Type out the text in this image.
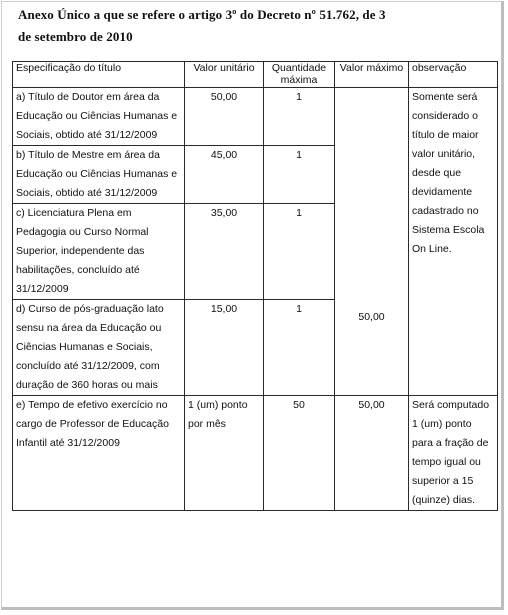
Anexo Único a que se refere o artigo 3º do Decreto nº 51.762, de 3
de setembro de 2010
Especificação do título	Valor unitário	Quantidade máxima	Valor máximo	observação
a) Título de Doutor em área da Educação ou Ciências Humanas e Sociais, obtido até 31/12/2009	50,00	1	50,00	Somente será considerado o título de maior valor unitário, desde que devidamente cadastrado no Sistema Escola On Line.
b) Título de Mestre em área da Educação ou Ciências Humanas e Sociais, obtido até 31/12/2009	45,00	1		
c) Licenciatura Plena em Pedagogia ou Curso Normal Superior, independente das habilitações, concluído até 31/12/2009	35,00	1		
d) Curso de pós-graduação lato sensu na área da Educação ou Ciências Humanas e Sociais, concluído até 31/12/2009, com duração de 360 horas ou mais	15,00	1		
e) Tempo de efetivo exercício no cargo de Professor de Educação Infantil até 31/12/2009	1 (um) ponto por mês	50	50,00	Será computado 1 (um) ponto para a fração de tempo igual ou superior a 15 (quinze) dias.
